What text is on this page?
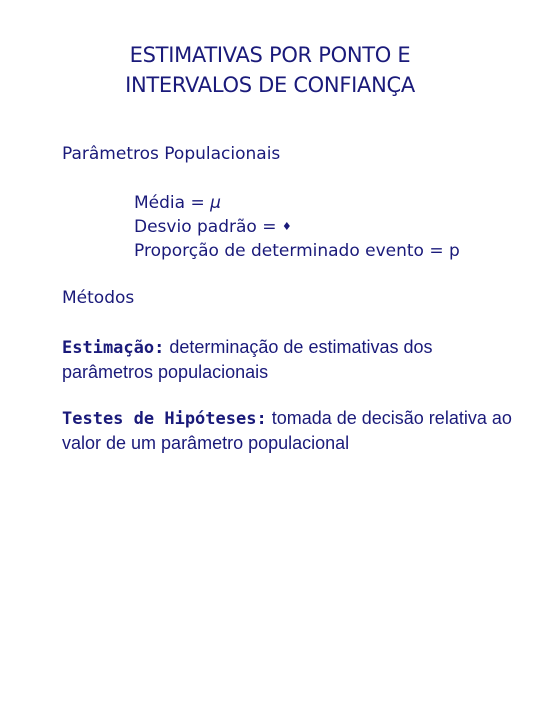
ESTIMATIVAS POR PONTO E
INTERVALOS DE CONFIANÇA
Parâmetros Populacionais
Média = μ
Desvio padrão = ♦
Proporção de determinado evento = p
Métodos
Estimação: determinação de estimativas dos parâmetros populacionais
Testes de Hipóteses: tomada de decisão relativa ao valor de um parâmetro populacional
